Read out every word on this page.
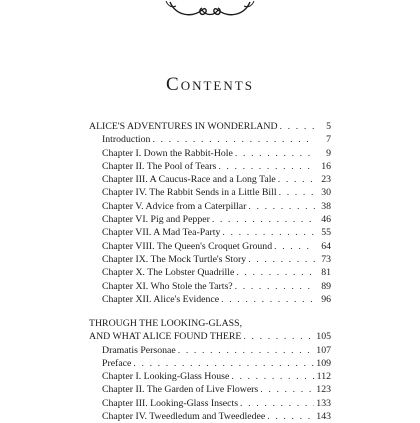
Contents
ALICE'S ADVENTURES IN WONDERLAND . . .	5
Introduction . . .	7
Chapter I. Down the Rabbit-Hole . . .	9
Chapter II. The Pool of Tears . . .	16
Chapter III. A Caucus-Race and a Long Tale . . .	23
Chapter IV. The Rabbit Sends in a Little Bill . . .	30
Chapter V. Advice from a Caterpillar . . .	38
Chapter VI. Pig and Pepper . . .	46
Chapter VII. A Mad Tea-Party . . .	55
Chapter VIII. The Queen's Croquet Ground . . .	64
Chapter IX. The Mock Turtle's Story . . .	73
Chapter X. The Lobster Quadrille . . .	81
Chapter XI. Who Stole the Tarts? . . .	89
Chapter XII. Alice's Evidence . . .	96
THROUGH THE LOOKING-GLASS,
AND WHAT ALICE FOUND THERE . . .	105
Dramatis Personae . . .	107
Preface . . .	109
Chapter I. Looking-Glass House . . .	112
Chapter II. The Garden of Live Flowers . . .	123
Chapter III. Looking-Glass Insects . . .	133
Chapter IV. Tweedledum and Tweedledee . . .	143
